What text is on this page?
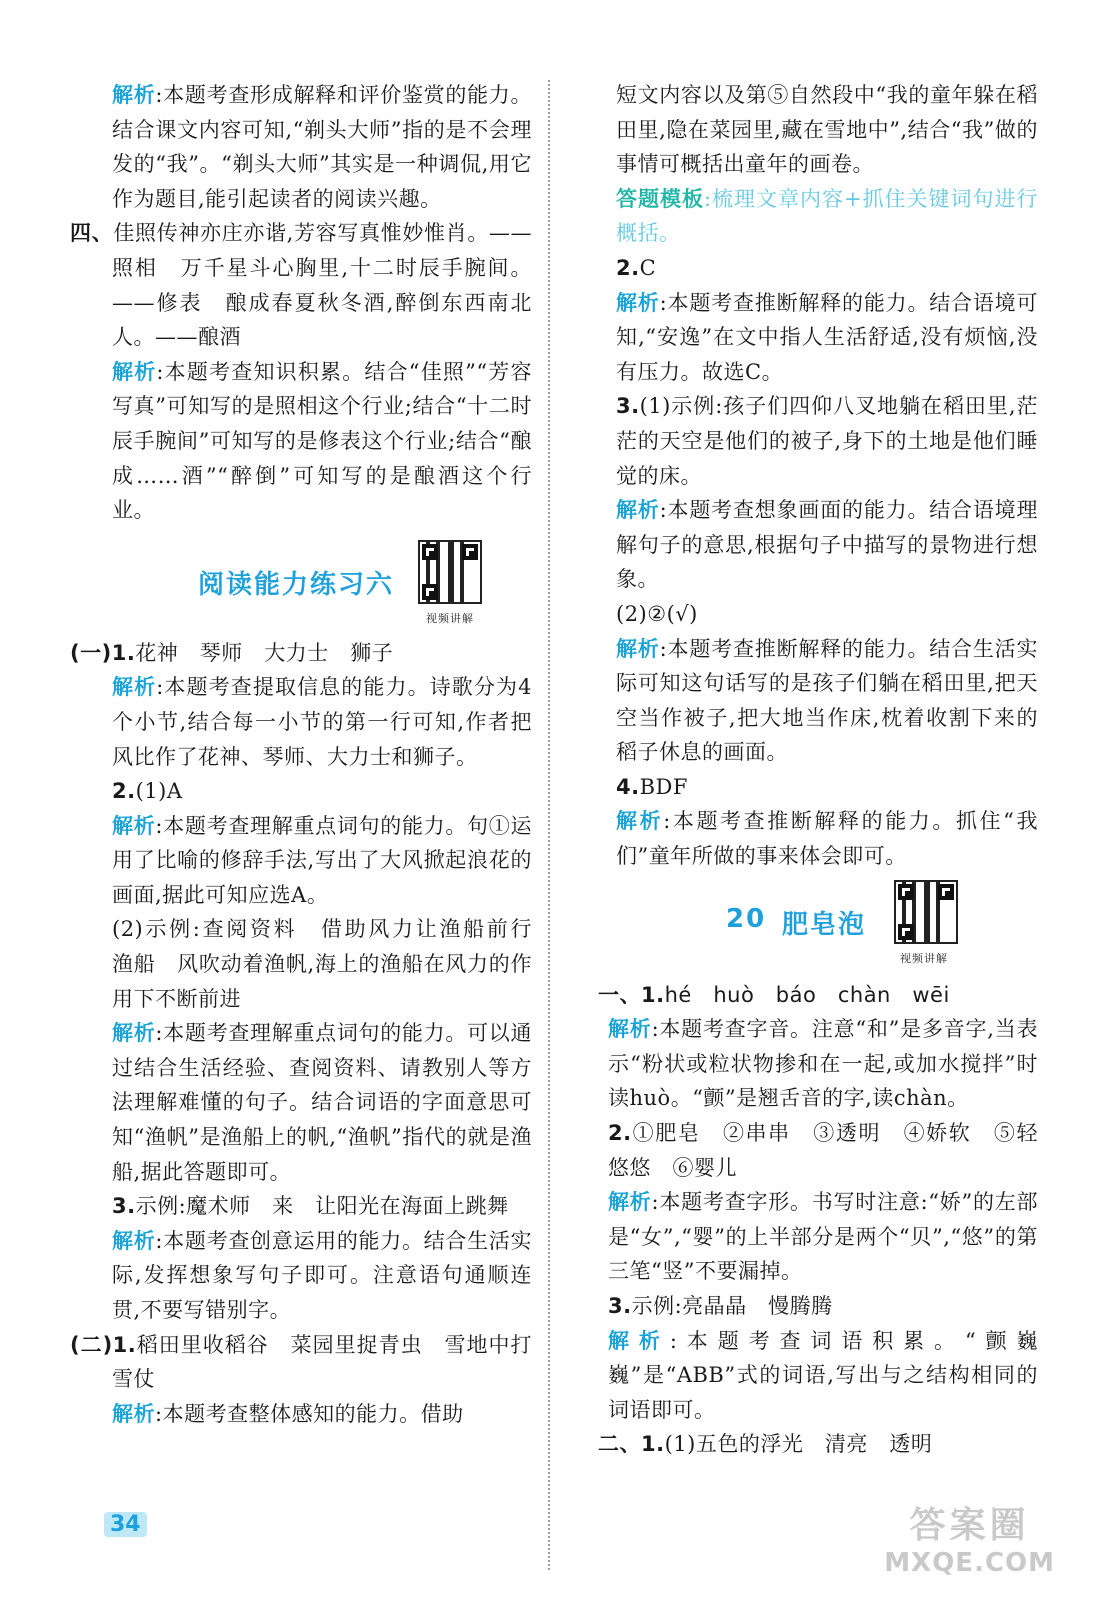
解析:本题考查形成解释和评价鉴赏的能力。结合课文内容可知,“剃头大师”指的是不会理发的“我”。“剃头大师”其实是一种调侃,用它作为题目,能引起读者的阅读兴趣。

四、佳照传神亦庄亦谐,芳容写真惟妙惟肖。——照相　万千星斗心胸里,十二时辰手腕间。——修表　酿成春夏秋冬酒,醉倒东西南北人。——酿酒

解析:本题考查知识积累。结合“佳照”“芳容写真”可知写的是照相这个行业;结合“十二时辰手腕间”可知写的是修表这个行业;结合“酿成……酒”“醉倒”可知写的是酿酒这个行业。

阅读能力练习六
视频讲解

(一)1.花神　琴师　大力士　狮子

解析:本题考查提取信息的能力。诗歌分为4个小节,结合每一小节的第一行可知,作者把风比作了花神、琴师、大力士和狮子。

2.(1)A

解析:本题考查理解重点词句的能力。句①运用了比喻的修辞手法,写出了大风掀起浪花的画面,据此可知应选A。

(2)示例:查阅资料　借助风力让渔船前行　渔船　风吹动着渔帆,海上的渔船在风力的作用下不断前进

解析:本题考查理解重点词句的能力。可以通过结合生活经验、查阅资料、请教别人等方法理解难懂的句子。结合词语的字面意思可知“渔帆”是渔船上的帆,“渔帆”指代的就是渔船,据此答题即可。

3.示例:魔术师　来　让阳光在海面上跳舞

解析:本题考查创意运用的能力。结合生活实际,发挥想象写句子即可。注意语句通顺连贯,不要写错别字。

(二)1.稻田里收稻谷　菜园里捉青虫　雪地中打雪仗

解析:本题考查整体感知的能力。借助

短文内容以及第⑤自然段中“我的童年躲在稻田里,隐在菜园里,藏在雪地中”,结合“我”做的事情可概括出童年的画卷。

答题模板:梳理文章内容+抓住关键词句进行概括。

2.C

解析:本题考查推断解释的能力。结合语境可知,“安逸”在文中指人生活舒适,没有烦恼,没有压力。故选C。

3.(1)示例:孩子们四仰八叉地躺在稻田里,茫茫的天空是他们的被子,身下的土地是他们睡觉的床。

解析:本题考查想象画面的能力。结合语境理解句子的意思,根据句子中描写的景物进行想象。

(2)②(√)

解析:本题考查推断解释的能力。结合生活实际可知这句话写的是孩子们躺在稻田里,把天空当作被子,把大地当作床,枕着收割下来的稻子休息的画面。

4.BDF

解析:本题考查推断解释的能力。抓住“我们”童年所做的事来体会即可。

20 肥皂泡
视频讲解

一、1.hé　huò　báo　chàn　wēi

解析:本题考查字音。注意“和”是多音字,当表示“粉状或粒状物掺和在一起,或加水搅拌”时读huò。“颤”是翘舌音的字,读chàn。

2.①肥皂　②串串　③透明　④娇软　⑤轻悠悠　⑥婴儿

解析:本题考查字形。书写时注意:“娇”的左部是“女”,“婴”的上半部分是两个“贝”,“悠”的第三笔“竖”不要漏掉。

3.示例:亮晶晶　慢腾腾

解析:本题考查词语积累。“颤巍巍”是“ABB”式的词语,写出与之结构相同的词语即可。

二、1.(1)五色的浮光　清亮　透明

34	答案圈
MXQE.COM
